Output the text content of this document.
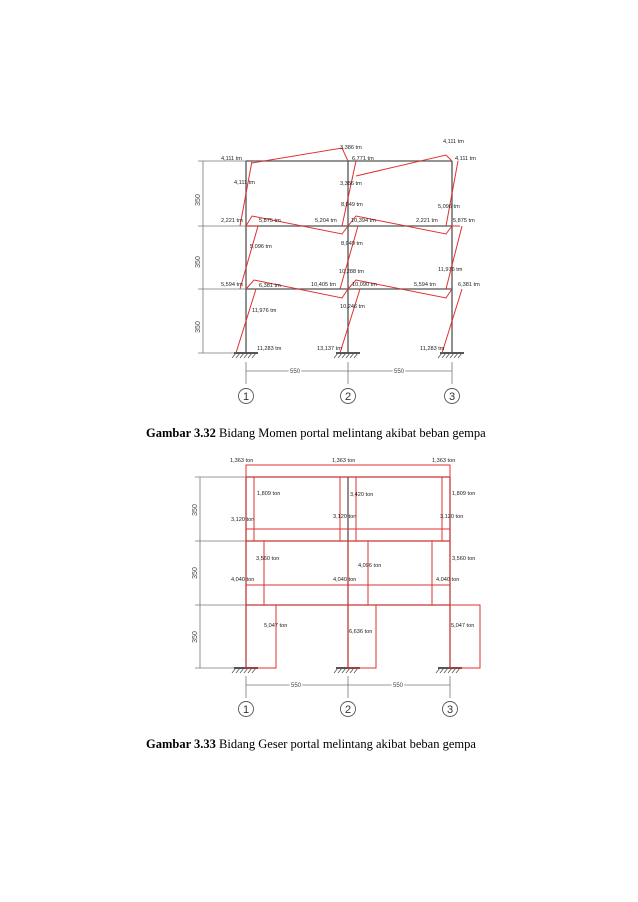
350
350
350
3,386 tm
4,111 tm
4,111 tm	6,771 tm	4,111 tm
4,111 tm	3,386 tm
8,049 tm	5,096 tm
2,221 tm	5,875 tm	5,204 tm	10,394 tm	2,221 tm	5,875 tm
5,096 tm	8,049 tm
10,288 tm	11,976 tm
5,594 tm	6,381 tm	10,405 tm	10,090 tm	5,594 tm	6,381 tm
11,976 tm
10,246 tm
11,283 tm	13,137 tm	11,283 tm
550	550
1	2	3
350
350
350
1,363 ton	1,363 ton	1,363 ton
1,809 ton	3,420 ton	1,809 ton
3,120 ton	3,120 ton	3,120 ton
3,560 ton
4,096 ton
3,560 ton
4,040 ton	4,040 ton	4,040 ton
5,047 ton
6,636 ton
5,047 ton
550	550
1	2	3
Gambar 3.32 Bidang Momen portal melintang akibat beban gempa
Gambar 3.33 Bidang Geser portal melintang akibat beban gempa
